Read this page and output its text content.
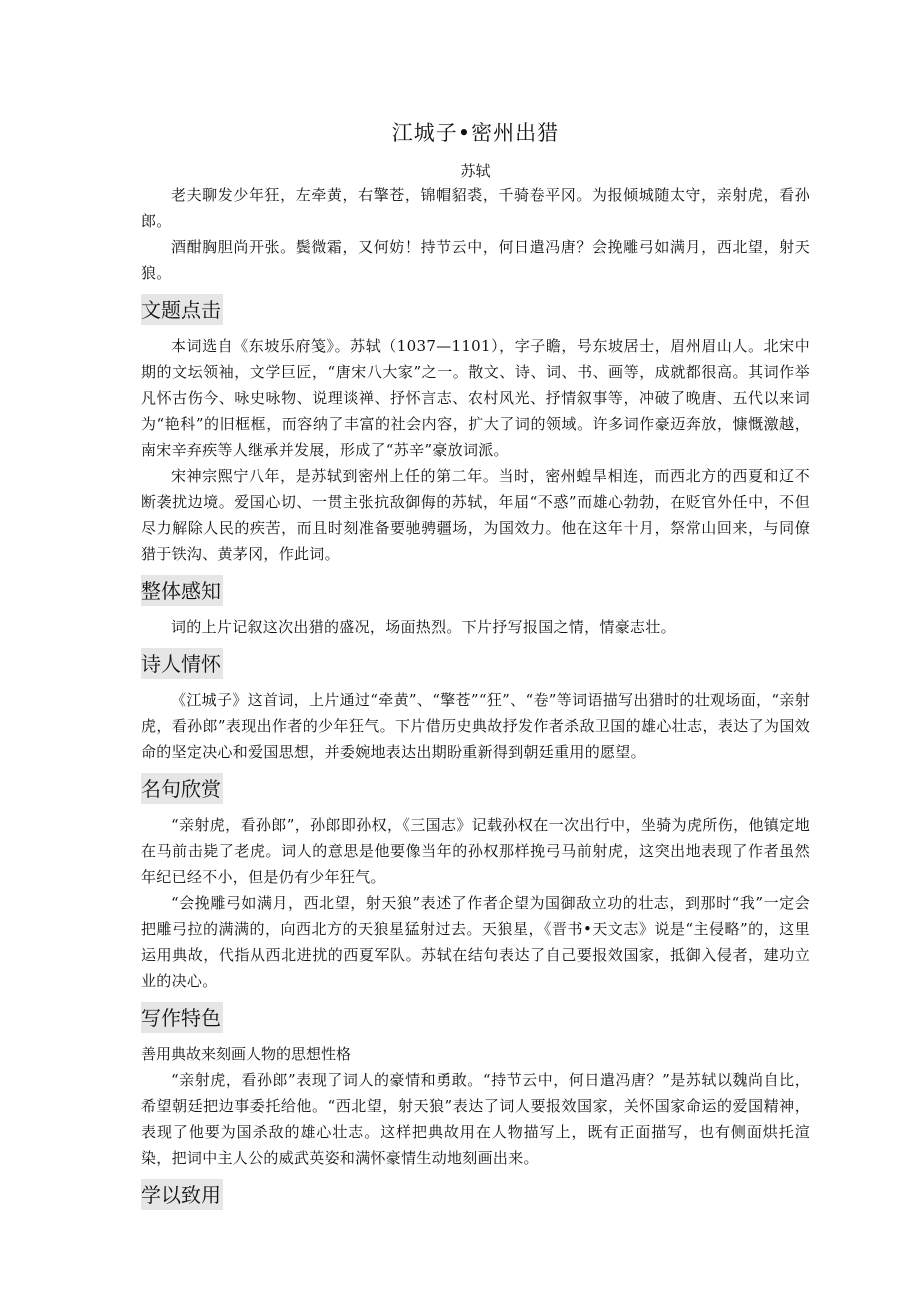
江城子•密州出猎

苏轼

老夫聊发少年狂，左牵黄，右擎苍，锦帽貂裘，千骑卷平冈。为报倾城随太守，亲射虎，看孙郎。

酒酣胸胆尚开张。鬓微霜，又何妨！持节云中，何日遣冯唐？会挽雕弓如满月，西北望，射天狼。

文题点击

本词选自《东坡乐府笺》。苏轼（1037—1101），字子瞻，号东坡居士，眉州眉山人。北宋中期的文坛领袖，文学巨匠，“唐宋八大家”之一。散文、诗、词、书、画等，成就都很高。其词作举凡怀古伤今、咏史咏物、说理谈禅、抒怀言志、农村风光、抒情叙事等，冲破了晚唐、五代以来词为“艳科”的旧框框，而容纳了丰富的社会内容，扩大了词的领域。许多词作豪迈奔放，慷慨激越，南宋辛弃疾等人继承并发展，形成了“苏辛”豪放词派。

宋神宗熙宁八年，是苏轼到密州上任的第二年。当时，密州蝗旱相连，而西北方的西夏和辽不断袭扰边境。爱国心切、一贯主张抗敌御侮的苏轼，年届“不惑”而雄心勃勃，在贬官外任中，不但尽力解除人民的疾苦，而且时刻准备要驰骋疆场，为国效力。他在这年十月，祭常山回来，与同僚猎于铁沟、黄茅冈，作此词。

整体感知

词的上片记叙这次出猎的盛况，场面热烈。下片抒写报国之情，情豪志壮。

诗人情怀

《江城子》这首词，上片通过“牵黄”、“擎苍”“狂”、“卷”等词语描写出猎时的壮观场面，“亲射虎，看孙郎”表现出作者的少年狂气。下片借历史典故抒发作者杀敌卫国的雄心壮志，表达了为国效命的坚定决心和爱国思想，并委婉地表达出期盼重新得到朝廷重用的愿望。

名句欣赏

“亲射虎，看孙郎”，孙郎即孙权，《三国志》记载孙权在一次出行中，坐骑为虎所伤，他镇定地在马前击毙了老虎。词人的意思是他要像当年的孙权那样挽弓马前射虎，这突出地表现了作者虽然年纪已经不小，但是仍有少年狂气。

“会挽雕弓如满月，西北望，射天狼”表述了作者企望为国御敌立功的壮志，到那时“我”一定会把雕弓拉的满满的，向西北方的天狼星猛射过去。天狼星，《晋书•天文志》说是“主侵略”的，这里运用典故，代指从西北进扰的西夏军队。苏轼在结句表达了自己要报效国家，抵御入侵者，建功立业的决心。

写作特色

善用典故来刻画人物的思想性格

“亲射虎，看孙郎”表现了词人的豪情和勇敢。“持节云中，何日遣冯唐？”是苏轼以魏尚自比，希望朝廷把边事委托给他。“西北望，射天狼”表达了词人要报效国家，关怀国家命运的爱国精神，表现了他要为国杀敌的雄心壮志。这样把典故用在人物描写上，既有正面描写，也有侧面烘托渲染，把词中主人公的威武英姿和满怀豪情生动地刻画出来。

学以致用
